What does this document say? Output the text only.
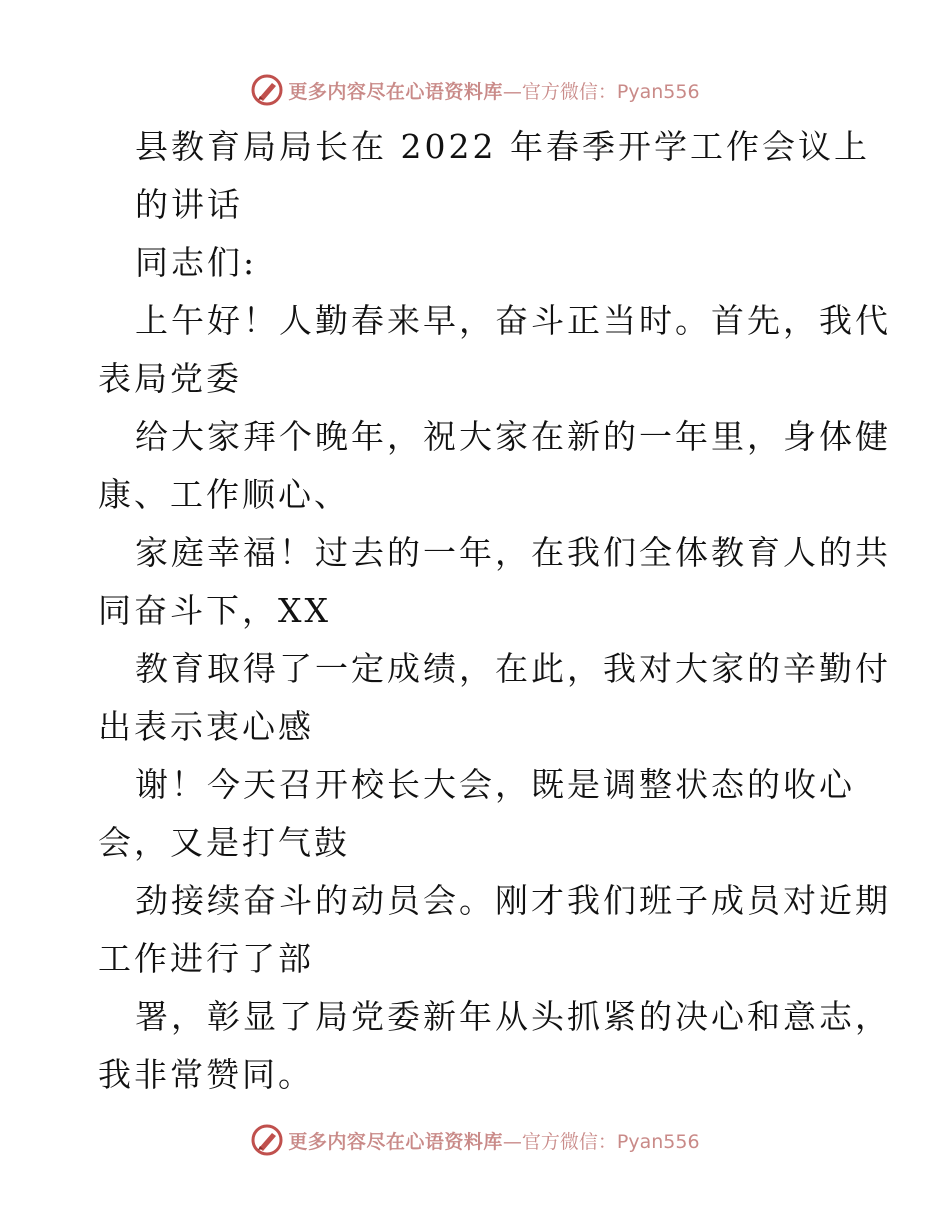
更多内容尽在心语资料库 —官方微信：Pyan556
县教育局局长在 2022 年春季开学工作会议上
的讲话
同志们:
上午好！人勤春来早，奋斗正当时。首先，我代
表局党委
给大家拜个晚年，祝大家在新的一年里，身体健
康、工作顺心、
家庭幸福！过去的一年，在我们全体教育人的共
同奋斗下，XX
教育取得了一定成绩，在此，我对大家的辛勤付
出表示衷心感
谢！今天召开校长大会，既是调整状态的收心
会，又是打气鼓
劲接续奋斗的动员会。刚才我们班子成员对近期
工作进行了部
署，彰显了局党委新年从头抓紧的决心和意志，
我非常赞同。
更多内容尽在心语资料库 —官方微信：Pyan556
